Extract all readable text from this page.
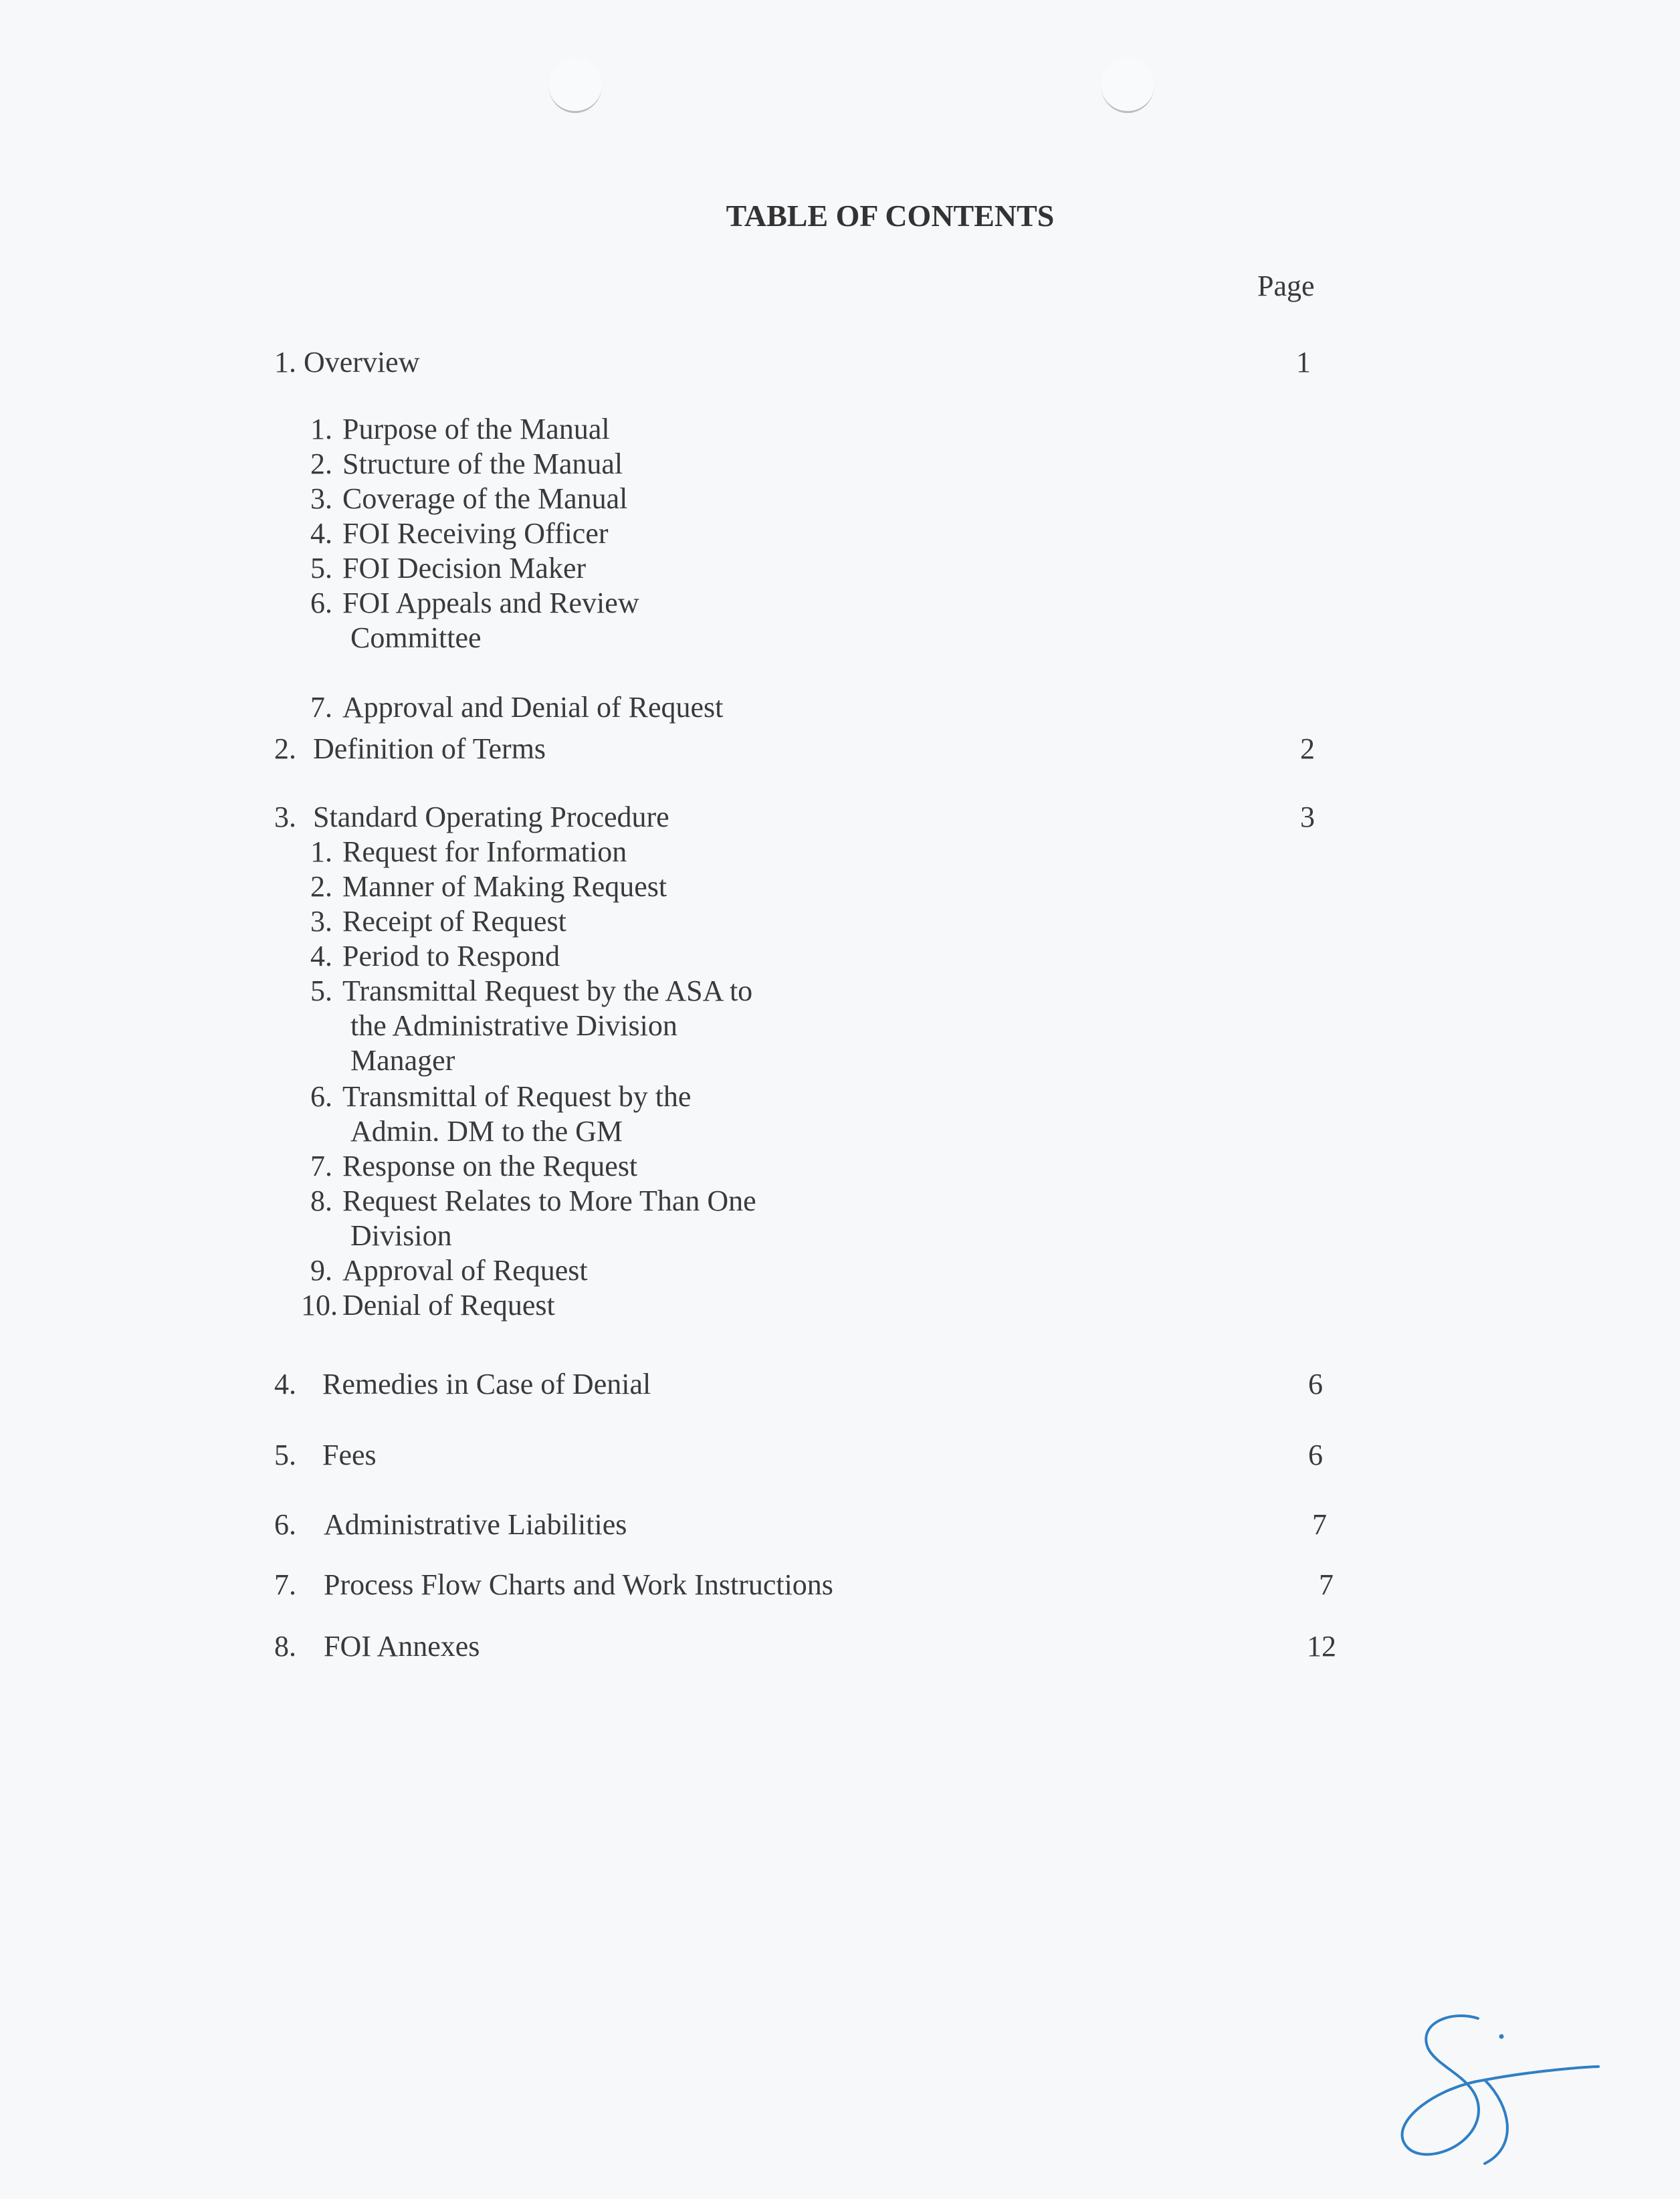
TABLE OF CONTENTS
Page
1. Overview	1
1. Purpose of the Manual
2. Structure of the Manual
3. Coverage of the Manual
4. FOI Receiving Officer
5. FOI Decision Maker
6. FOI Appeals and Review
Committee
7. Approval and Denial of Request
2. Definition of Terms	2
3. Standard Operating Procedure	3
1. Request for Information
2. Manner of Making Request
3. Receipt of Request
4. Period to Respond
5. Transmittal Request by the ASA to
the Administrative Division
Manager
6. Transmittal of Request by the
Admin. DM to the GM
7. Response on the Request
8. Request Relates to More Than One
Division
9. Approval of Request
10. Denial of Request
4. Remedies in Case of Denial	6
5. Fees	6
6. Administrative Liabilities	7
7. Process Flow Charts and Work Instructions	7
8. FOI Annexes	12
